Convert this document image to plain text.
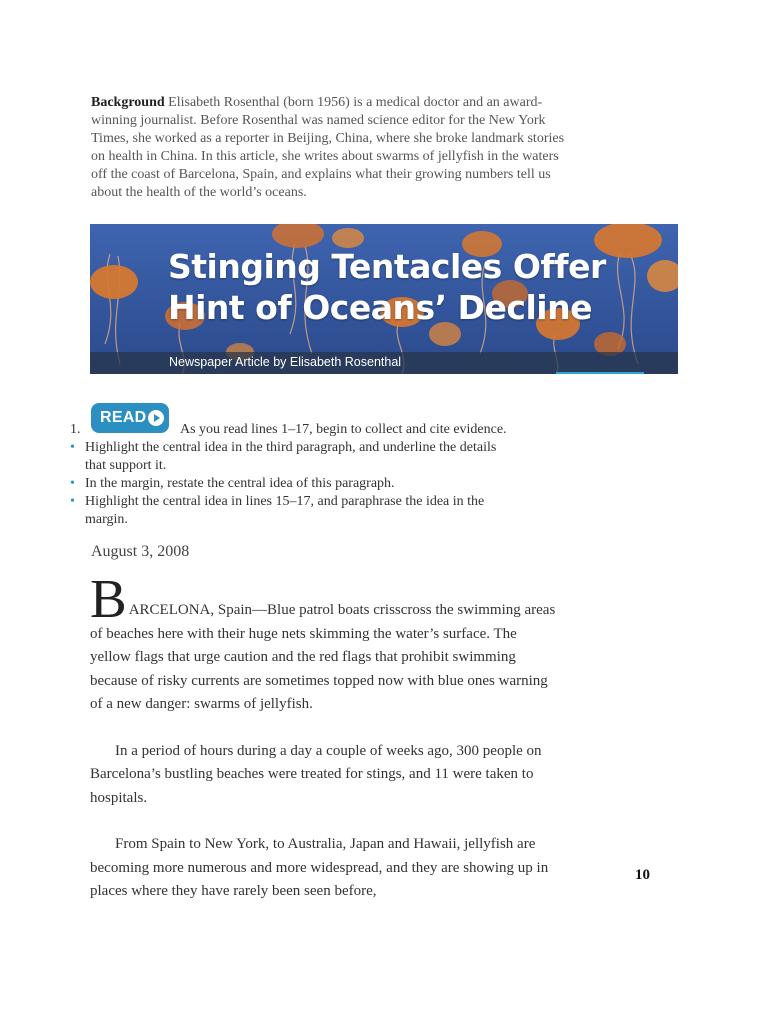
Background Elisabeth Rosenthal (born 1956) is a medical doctor and an award-winning journalist. Before Rosenthal was named science editor for the New York Times, she worked as a reporter in Beijing, China, where she broke landmark stories on health in China. In this article, she writes about swarms of jellyfish in the waters off the coast of Barcelona, Spain, and explains what their growing numbers tell us about the health of the world’s oceans.

Stinging Tentacles Offer
Hint of Oceans’ Decline
Newspaper Article by Elisabeth Rosenthal
1.
READ
As you read lines 1–17, begin to collect and cite evidence.
• Highlight the central idea in the third paragraph, and underline the details that support it.
• In the margin, restate the central idea of this paragraph.
• Highlight the central idea in lines 15–17, and paraphrase the idea in the margin.
August 3, 2008

B ARCELONA, Spain—Blue patrol boats crisscross the swimming areas of beaches here with their huge nets skimming the water’s surface. The yellow flags that urge caution and the red flags that prohibit swimming because of risky currents are sometimes topped now with blue ones warning of a new danger: swarms of jellyfish.

In a period of hours during a day a couple of weeks ago, 300 people on Barcelona’s bustling beaches were treated for stings, and 11 were taken to hospitals.

From Spain to New York, to Australia, Japan and Hawaii, jellyfish are becoming more numerous and more widespread, and they are showing up in places where they have rarely been seen before,

10
